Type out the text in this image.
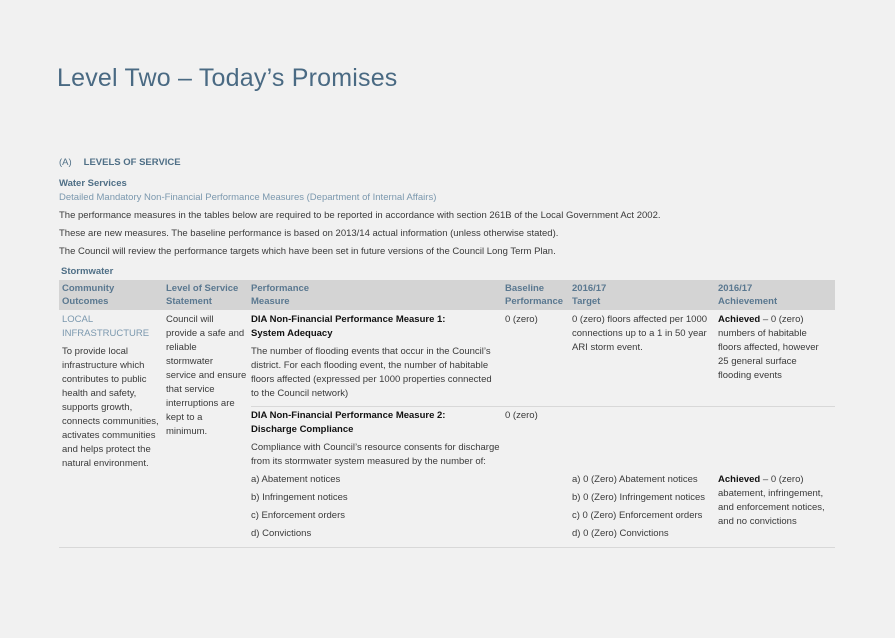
Level Two – Today’s Promises
(A) LEVELS OF SERVICE
Water Services
Detailed Mandatory Non-Financial Performance Measures (Department of Internal Affairs)
The performance measures in the tables below are required to be reported in accordance with section 261B of the Local Government Act 2002.
These are new measures. The baseline performance is based on 2013/14 actual information (unless otherwise stated).
The Council will review the performance targets which have been set in future versions of the Council Long Term Plan.
Stormwater
Community
Outcomes
Level of Service
Statement
Performance
Measure
Baseline
Performance
2016/17
Target
2016/17
Achievement
LOCAL
INFRASTRUCTURE
To provide local
infrastructure which
contributes to public
health and safety,
supports growth,
connects communities,
activates communities
and helps protect the
natural environment.
Council will
provide a safe and
reliable
stormwater
service and ensure
that service
interruptions are
kept to a
minimum.
DIA Non-Financial Performance Measure 1:
System Adequacy
The number of flooding events that occur in the Council’s
district. For each flooding event, the number of habitable
floors affected (expressed per 1000 properties connected
to the Council network)
0 (zero)	0 (zero) floors affected per 1000
connections up to a 1 in 50 year
ARI storm event.
Achieved – 0 (zero)
numbers of habitable
floors affected, however
25 general surface
flooding events
DIA Non-Financial Performance Measure 2:
Discharge Compliance
Compliance with Council’s resource consents for discharge
from its stormwater system measured by the number of:
0 (zero)
a) Abatement notices
b) Infringement notices
c) Enforcement orders
d) Convictions
a) 0 (Zero) Abatement notices
b) 0 (Zero) Infringement notices
c) 0 (Zero) Enforcement orders
d) 0 (Zero) Convictions
Achieved – 0 (zero)
abatement, infringement,
and enforcement notices,
and no convictions
